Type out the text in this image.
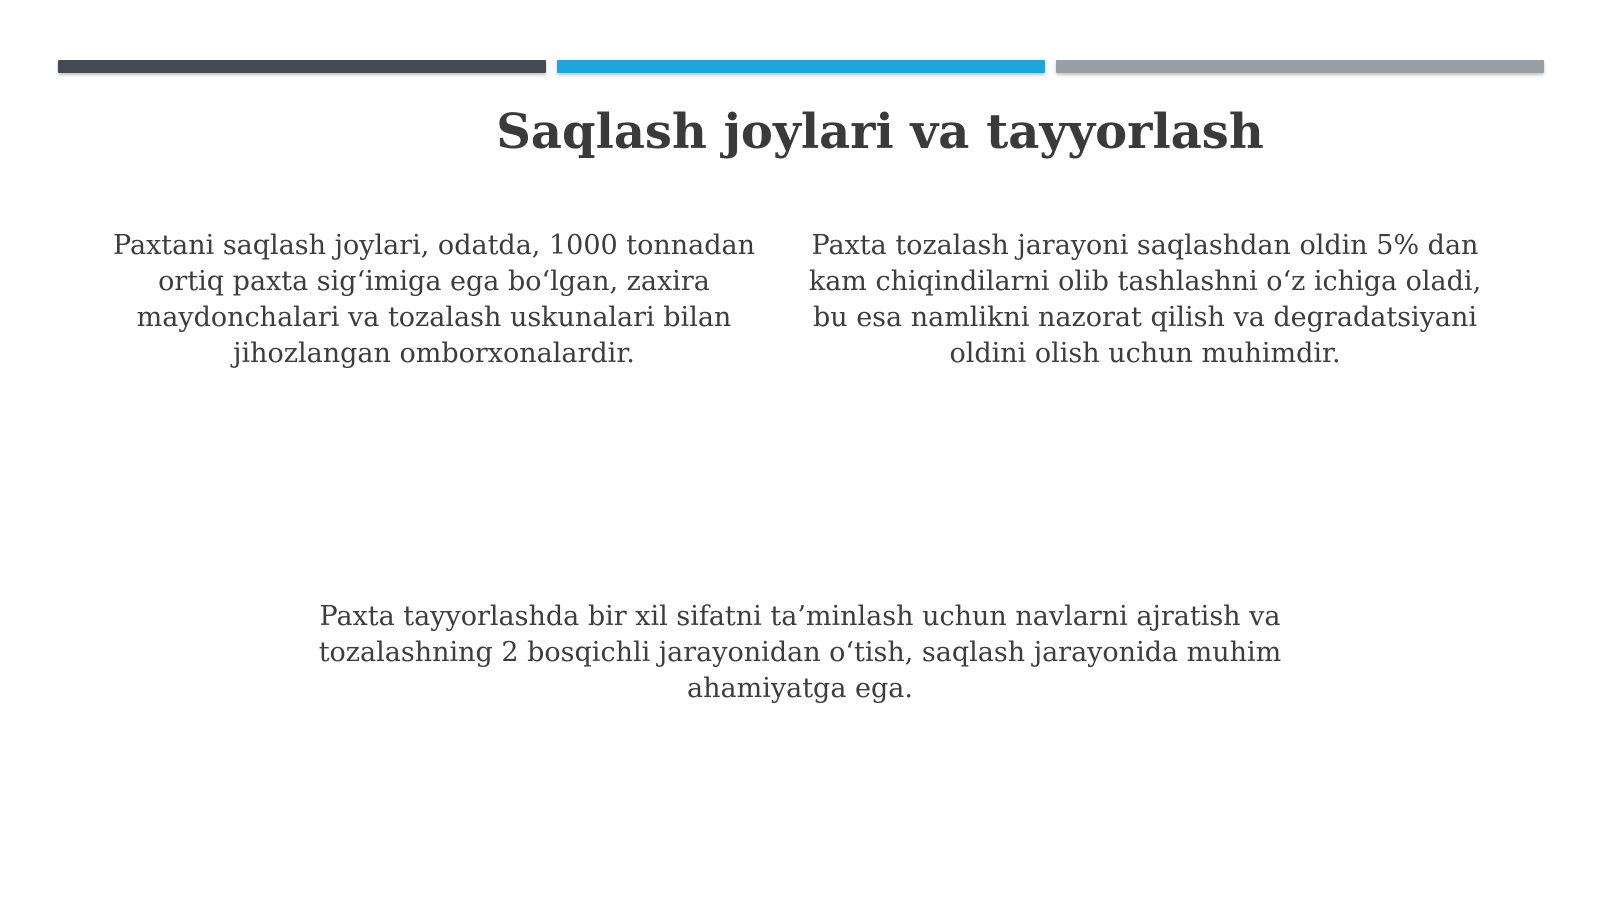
Saqlash joylari va tayyorlash

Paxtani saqlash joylari, odatda, 1000 tonnadan ortiq paxta sig‘imiga ega bo‘lgan, zaxira maydonchalari va tozalash uskunalari bilan jihozlangan omborxonalardir.

Paxta tozalash jarayoni saqlashdan oldin 5% dan kam chiqindilarni olib tashlashni o‘z ichiga oladi, bu esa namlikni nazorat qilish va degradatsiyani oldini olish uchun muhimdir.

Paxta tayyorlashda bir xil sifatni ta’minlash uchun navlarni ajratish va tozalashning 2 bosqichli jarayonidan o‘tish, saqlash jarayonida muhim ahamiyatga ega.
